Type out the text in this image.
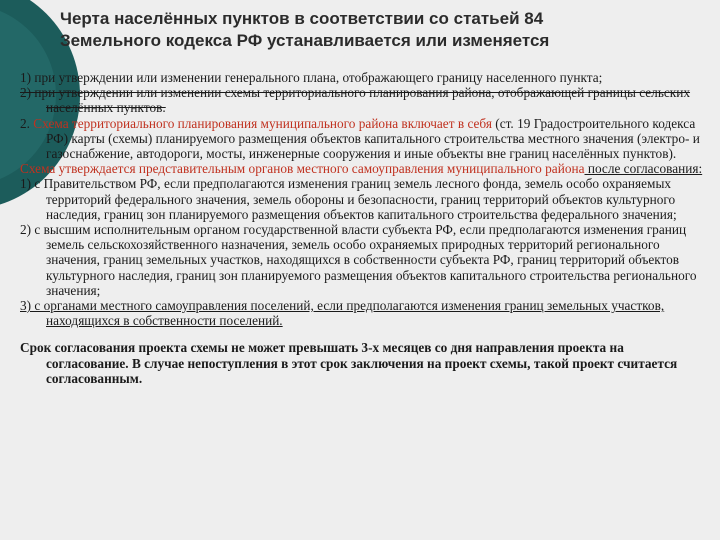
Черта населённых пунктов в соответствии со статьей 84
Земельного кодекса РФ устанавливается или изменяется
1) при утверждении или изменении генерального плана, отображающего границу населенного пункта;
2) при утверждении или изменении схемы территориального планирования района, отображающей границы сельских населённых пунктов.
2. Схема территориального планирования муниципального района включает в себя (ст. 19 Градостроительного кодекса РФ) карты (схемы) планируемого размещения объектов капитального строительства местного значения (электро- и газоснабжение, автодороги, мосты, инженерные сооружения и иные объекты вне границ населённых пунктов).
Схема утверждается представительным органов местного самоуправления муниципального района после согласования:
1) с Правительством РФ, если предполагаются изменения границ земель лесного фонда, земель особо охраняемых территорий федерального значения, земель обороны и безопасности, границ территорий объектов культурного наследия, границ зон планируемого размещения объектов капитального строительства федерального значения;
2) с высшим исполнительным органом государственной власти субъекта РФ, если предполагаются изменения границ земель сельскохозяйственного назначения, земель особо охраняемых природных территорий регионального значения, границ земельных участков, находящихся в собственности субъекта РФ, границ территорий объектов культурного наследия, границ зон планируемого размещения объектов капитального строительства регионального значения;
3) с органами местного самоуправления поселений, если предполагаются изменения границ земельных участков, находящихся в собственности поселений.
Срок согласования проекта схемы не может превышать 3-х месяцев со дня направления проекта на согласование. В случае непоступления в этот срок заключения на проект схемы, такой проект считается согласованным.
